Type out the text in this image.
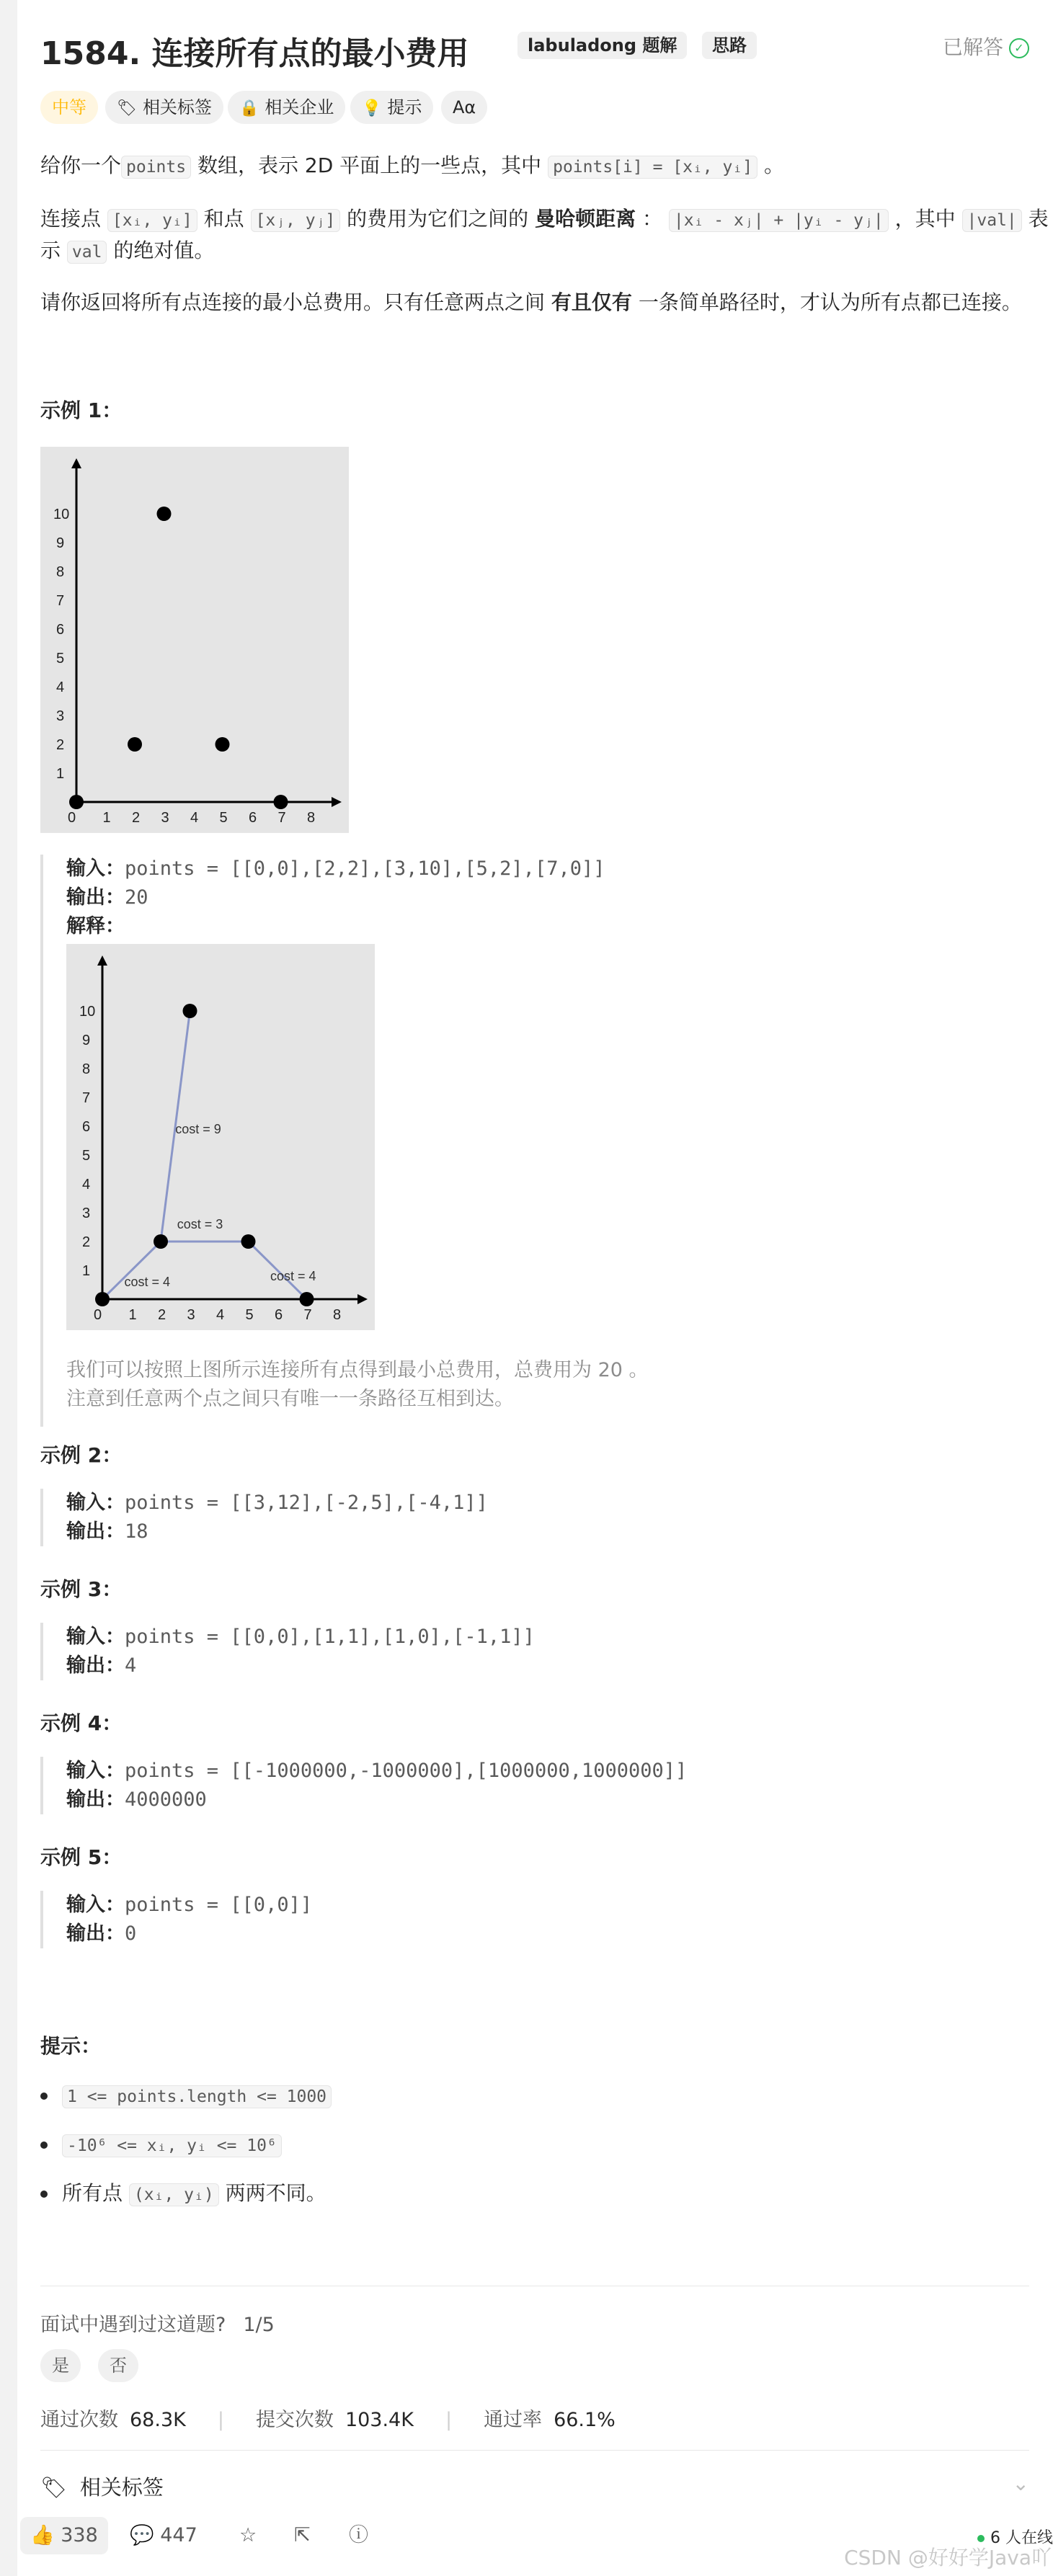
1584. 连接所有点的最小费用	labuladong 题解	思路	已解答 ✓
中等	🏷 相关标签	🔒 相关企业	💡 提示	Aα
给你一个 points 数组，表示 2D 平面上的一些点，其中 points[i] = [xᵢ, yᵢ] 。
连接点 [xᵢ, yᵢ] 和点 [xⱼ, yⱼ] 的费用为它们之间的 曼哈顿距离 ： |xᵢ - xⱼ| + |yᵢ - yⱼ| ，其中 |val| 表
示 val 的绝对值。
请你返回将所有点连接的最小总费用。只有任意两点之间 有且仅有 一条简单路径时，才认为所有点都已连接。
示例 1：
0 1 2 3 4 5 6 7 8
1
2
3
4
5
6
7
8
9
10
输入：points = [[0,0],[2,2],[3,10],[5,2],[7,0]]
输出：20
解释：
0 1 2 3 4 5 6 7 8
1
2
3
4
5
6
7
8
9
10
cost = 4
cost = 9
cost = 3
cost = 4
我们可以按照上图所示连接所有点得到最小总费用，总费用为 20 。
注意到任意两个点之间只有唯一一条路径互相到达。
示例 2：
输入：points = [[3,12],[-2,5],[-4,1]]
输出：18
示例 3：
输入：points = [[0,0],[1,1],[1,0],[-1,1]]
输出：4
示例 4：
输入：points = [[-1000000,-1000000],[1000000,1000000]]
输出：4000000
示例 5：
输入：points = [[0,0]]
输出：0
提示：
1 <= points.length <= 1000
-10⁶ <= xᵢ, yᵢ <= 10⁶
所有点 (xᵢ, yᵢ) 两两不同。
面试中遇到过这道题? 1/5
是	否
通过次数 68.3K | 提交次数 103.4K | 通过率 66.1%
🏷 相关标签	⌄
👍 338	💬 447 ☆ ⇱ ⓘ	6 人在线
CSDN @好好学Java吖
